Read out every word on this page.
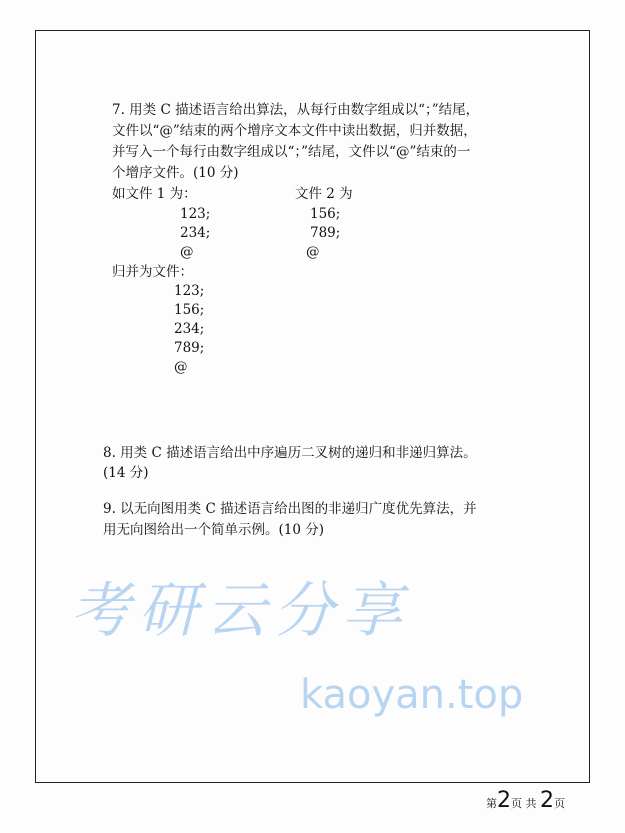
考研云分享
kaoyan.top
7. 用类 C 描述语言给出算法，从每行由数字组成以“；”结尾，
文件以“@”结束的两个增序文本文件中读出数据，归并数据，
并写入一个每行由数字组成以“；”结尾，文件以“@”结束的一
个增序文件。(10 分)
如文件 1 为：	文件 2 为
123;
234;
@
156;
789;
@
归并为文件：
123;
156;
234;
789;
@
8. 用类 C 描述语言给出中序遍历二叉树的递归和非递归算法。
(14 分)
9. 以无向图用类 C 描述语言给出图的非递归广度优先算法，并
用无向图给出一个简单示例。(10 分)
第2页 共 2页
